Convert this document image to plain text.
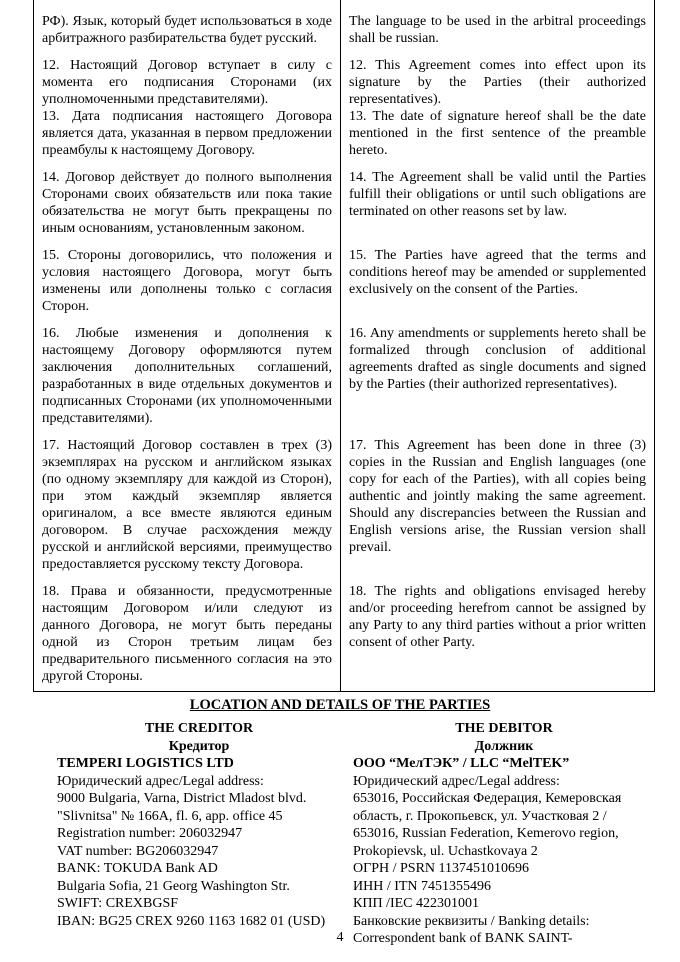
РФ). Язык, который будет использоваться в ходе арбитражного разбирательства будет русский.

The language to be used in the arbitral proceedings shall be russian.

12. Настоящий Договор вступает в силу с момента его подписания Сторонами (их уполномоченными представителями).

13. Дата подписания настоящего Договора является дата, указанная в первом предложении преамбулы к настоящему Договору.

12. This Agreement comes into effect upon its signature by the Parties (their authorized representatives).

13. The date of signature hereof shall be the date mentioned in the first sentence of the preamble hereto.

14. Договор действует до полного выполнения Сторонами своих обязательств или пока такие обязательства не могут быть прекращены по иным основаниям, установленным законом.

14. The Agreement shall be valid until the Parties fulfill their obligations or until such obligations are terminated on other reasons set by law.

15. Стороны договорились, что положения и условия настоящего Договора, могут быть изменены или дополнены только с согласия Сторон.

15. The Parties have agreed that the terms and conditions hereof may be amended or supplemented exclusively on the consent of the Parties.

16. Любые изменения и дополнения к настоящему Договору оформляются путем заключения дополнительных соглашений, разработанных в виде отдельных документов и подписанных Сторонами (их уполномоченными представителями).

16. Any amendments or supplements hereto shall be formalized through conclusion of additional agreements drafted as single documents and signed by the Parties (their authorized representatives).

17. Настоящий Договор составлен в трех (3) экземплярах на русском и английском языках (по одному экземпляру для каждой из Сторон), при этом каждый экземпляр является оригиналом, а все вместе являются единым договором. В случае расхождения между русской и английской версиями, преимущество предоставляется русскому тексту Договора.

17. This Agreement has been done in three (3) copies in the Russian and English languages (one copy for each of the Parties), with all copies being authentic and jointly making the same agreement. Should any discrepancies between the Russian and English versions arise, the Russian version shall prevail.

18. Права и обязанности, предусмотренные настоящим Договором и/или следуют из данного Договора, не могут быть переданы одной из Сторон третьим лицам без предварительного письменного согласия на это другой Стороны.

18. The rights and obligations envisaged hereby and/or proceeding herefrom cannot be assigned by any Party to any third parties without a prior written consent of other Party.

LOCATION AND DETAILS OF THE PARTIES
THE CREDITOR
Кредитор
TEMPERI LOGISTICS LTD
Юридический адрес/Legal address:
9000 Bulgaria, Varna, District Mladost blvd.
"Slivnitsa" № 166A, fl. 6, app. office 45
Registration number: 206032947
VAT number: BG206032947
BANK: TOKUDA Bank AD
Bulgaria Sofia, 21 Georg Washington Str.
SWIFT: CREXBGSF
IBAN: BG25 CREX 9260 1163 1682 01 (USD)
THE DEBITOR
Должник
ООО “МелТЭК” / LLC “MelTEK”
Юридический адрес/Legal address:
653016, Российская Федерация, Кемеровская
область, г. Прокопьевск, ул. Участковая 2 /
653016, Russian Federation, Kemerovo region,
Prokopievsk, ul. Uchastkovaya 2
ОГРН / PSRN 1137451010696
ИНН / ITN 7451355496
КПП /IEC 422301001
Банковские реквизиты / Banking details:
Correspondent bank of BANK SAINT-
4
